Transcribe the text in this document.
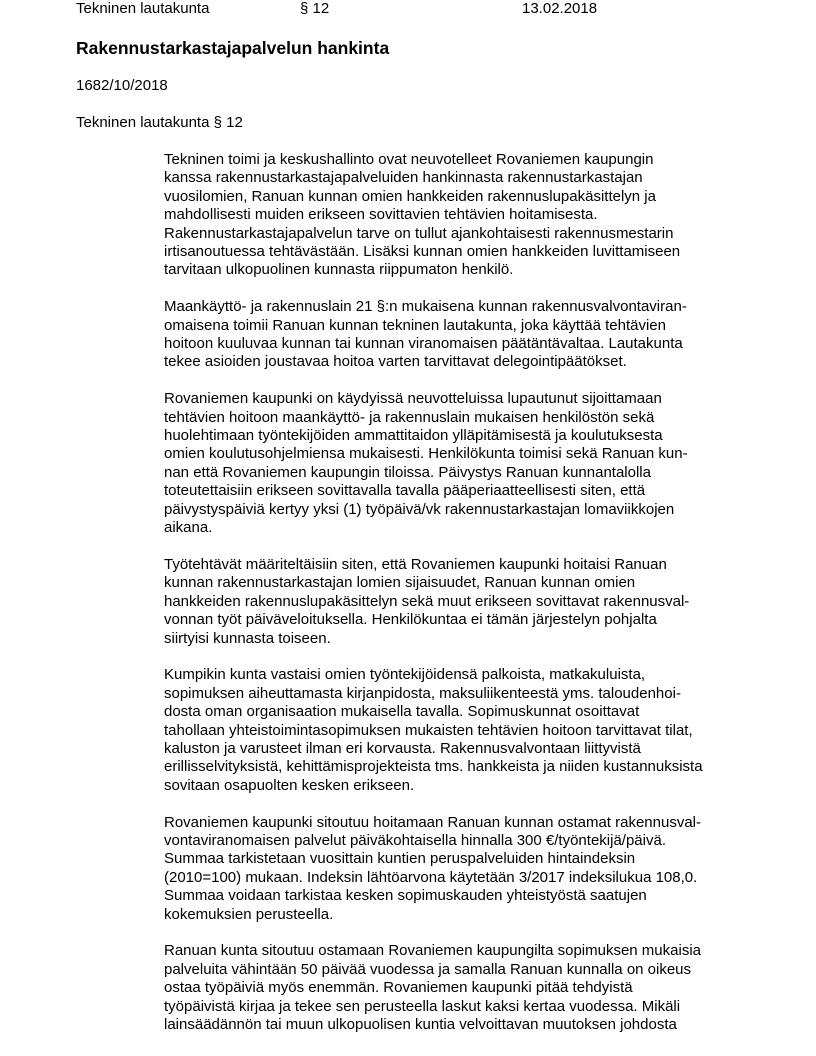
Tekninen lautakunta	§ 12	13.02.2018
Rakennustarkastajapalvelun hankinta
1682/10/2018
Tekninen lautakunta § 12

Tekninen toimi ja keskushallinto ovat neuvotelleet Rovaniemen kaupungin
kanssa rakennustarkastajapalveluiden hankinnasta rakennustarkastajan
vuosilomien, Ranuan kunnan omien hankkeiden rakennuslupakäsittelyn ja
mahdollisesti muiden erikseen sovittavien tehtävien hoitamisesta.
Rakennustarkastajapalvelun tarve on tullut ajankohtaisesti rakennusmestarin
irtisanoutuessa tehtävästään. Lisäksi kunnan omien hankkeiden luvittamiseen
tarvitaan ulkopuolinen kunnasta riippumaton henkilö.

Maankäyttö- ja rakennuslain 21 §:n mukaisena kunnan rakennusvalvontaviran-
omaisena toimii Ranuan kunnan tekninen lautakunta, joka käyttää tehtävien
hoitoon kuuluvaa kunnan tai kunnan viranomaisen päätäntävaltaa. Lautakunta
tekee asioiden joustavaa hoitoa varten tarvittavat delegointipäätökset.

Rovaniemen kaupunki on käydyissä neuvotteluissa lupautunut sijoittamaan
tehtävien hoitoon maankäyttö- ja rakennuslain mukaisen henkilöstön sekä
huolehtimaan työntekijöiden ammattitaidon ylläpitämisestä ja koulutuksesta
omien koulutusohjelmiensa mukaisesti. Henkilökunta toimisi sekä Ranuan kun-
nan että Rovaniemen kaupungin tiloissa. Päivystys Ranuan kunnantalolla
toteutettaisiin erikseen sovittavalla tavalla pääperiaatteellisesti siten, että
päivystyspäiviä kertyy yksi (1) työpäivä/vk rakennustarkastajan lomaviikkojen
aikana.

Työtehtävät määriteltäisiin siten, että Rovaniemen kaupunki hoitaisi Ranuan
kunnan rakennustarkastajan lomien sijaisuudet, Ranuan kunnan omien
hankkeiden rakennuslupakäsittelyn sekä muut erikseen sovittavat rakennusval-
vonnan työt päiväveloituksella. Henkilökuntaa ei tämän järjestelyn pohjalta
siirtyisi kunnasta toiseen.

Kumpikin kunta vastaisi omien työntekijöidensä palkoista, matkakuluista,
sopimuksen aiheuttamasta kirjanpidosta, maksuliikenteestä yms. taloudenhoi-
dosta oman organisaation mukaisella tavalla. Sopimuskunnat osoittavat
tahollaan yhteistoimintasopimuksen mukaisten tehtävien hoitoon tarvittavat tilat,
kaluston ja varusteet ilman eri korvausta. Rakennusvalvontaan liittyvistä
erillisselvityksistä, kehittämisprojekteista tms. hankkeista ja niiden kustannuksista
sovitaan osapuolten kesken erikseen.

Rovaniemen kaupunki sitoutuu hoitamaan Ranuan kunnan ostamat rakennusval-
vontaviranomaisen palvelut päiväkohtaisella hinnalla 300 €/työntekijä/päivä.
Summaa tarkistetaan vuosittain kuntien peruspalveluiden hintaindeksin
(2010=100) mukaan. Indeksin lähtöarvona käytetään 3/2017 indeksilukua 108,0.
Summaa voidaan tarkistaa kesken sopimuskauden yhteistyöstä saatujen
kokemuksien perusteella.

Ranuan kunta sitoutuu ostamaan Rovaniemen kaupungilta sopimuksen mukaisia
palveluita vähintään 50 päivää vuodessa ja samalla Ranuan kunnalla on oikeus
ostaa työpäiviä myös enemmän. Rovaniemen kaupunki pitää tehdyistä
työpäivistä kirjaa ja tekee sen perusteella laskut kaksi kertaa vuodessa. Mikäli
lainsäädännön tai muun ulkopuolisen kuntia velvoittavan muutoksen johdosta
